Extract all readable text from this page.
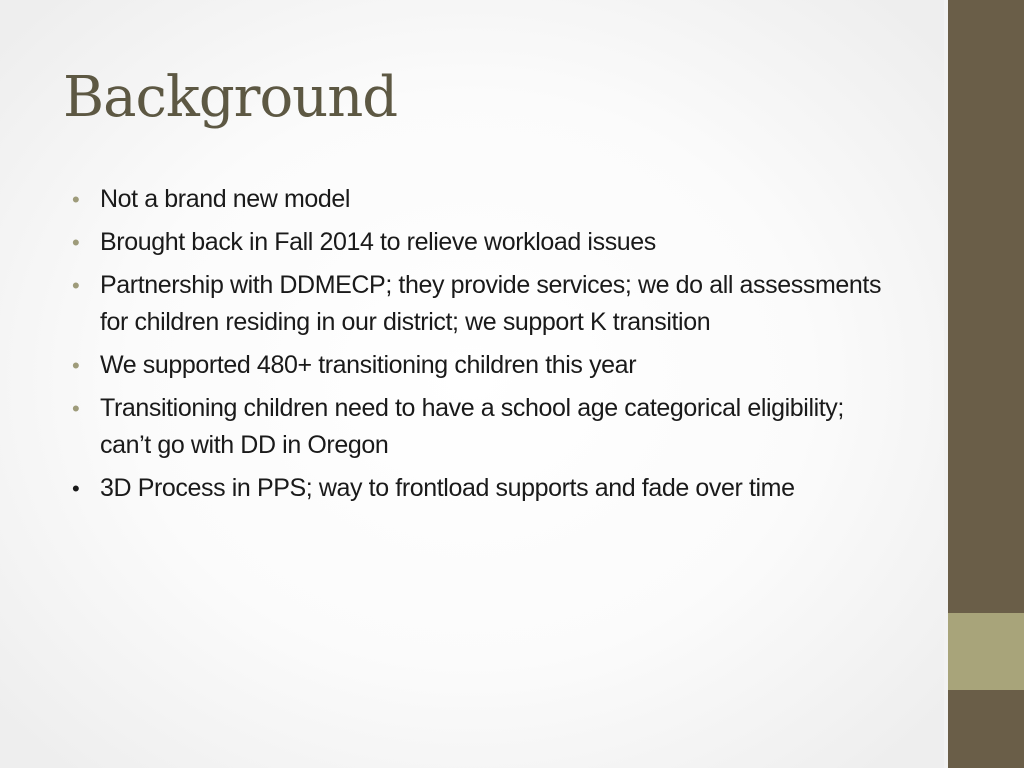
Background
• Not a brand new model
• Brought back in Fall 2014 to relieve workload issues
• Partnership with DDMECP; they provide services; we do all assessments for children residing in our district; we support K transition
• We supported 480+ transitioning children this year
• Transitioning children need to have a school age categorical eligibility; can’t go with DD in Oregon
• 3D Process in PPS; way to frontload supports and fade over time
